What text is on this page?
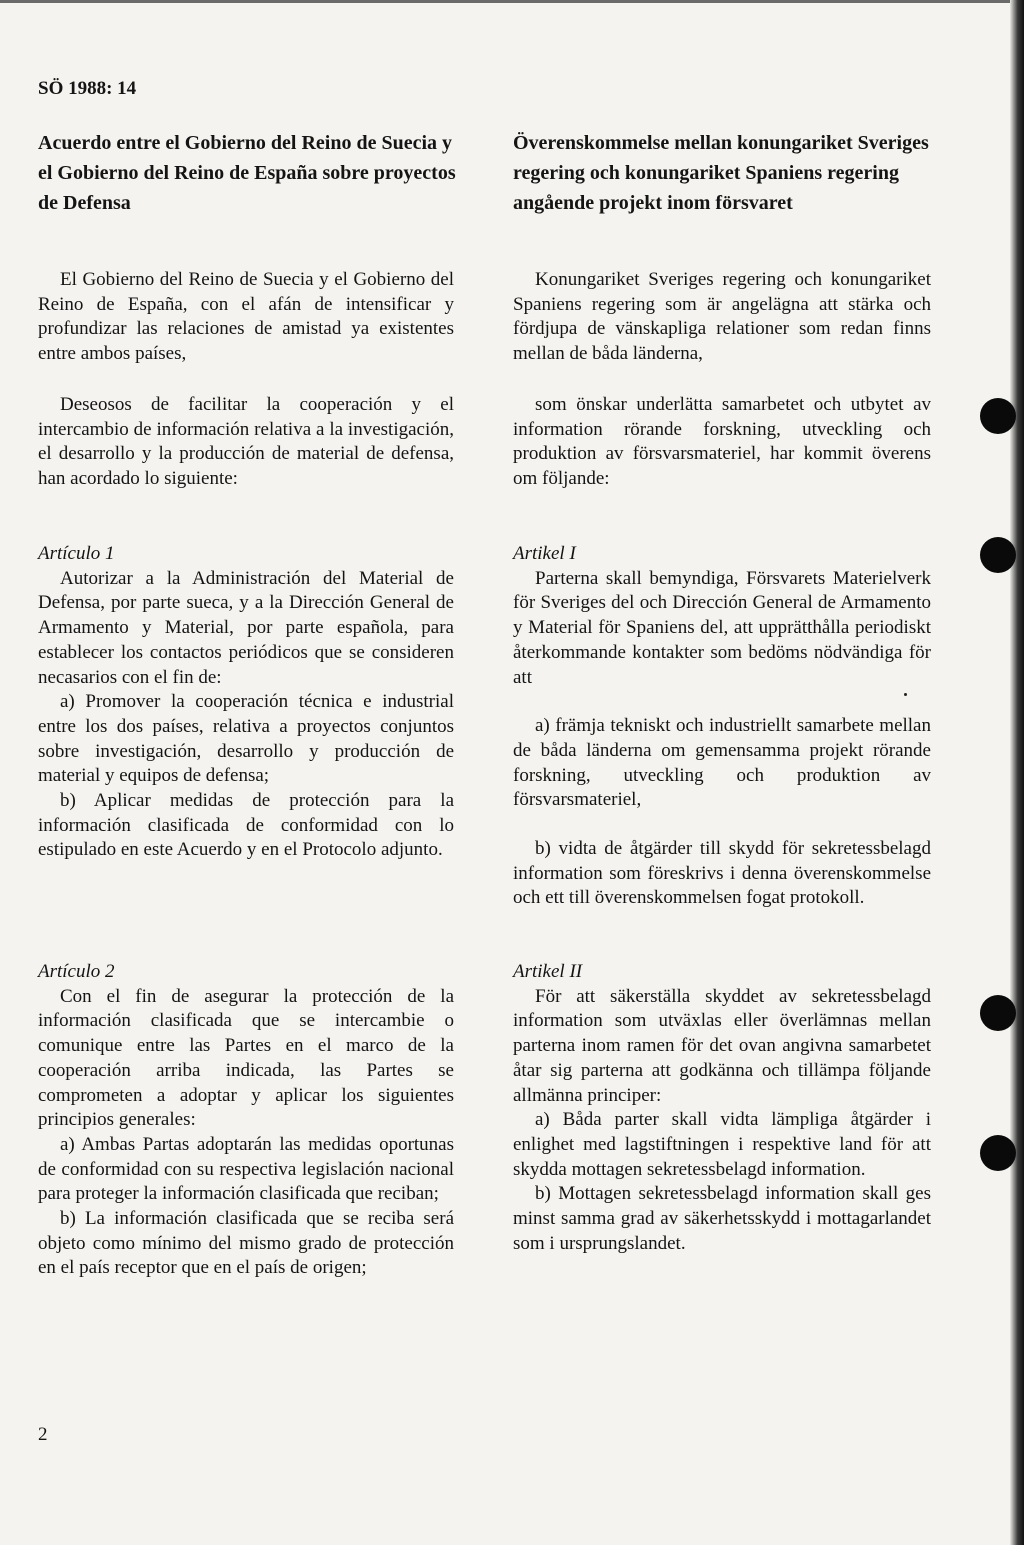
SÖ 1988: 14
Acuerdo entre el Gobierno del Reino de Suecia y el Gobierno del Reino de España sobre proyectos de Defensa
Överenskommelse mellan konungariket Sveriges regering och konungariket Spaniens regering angående projekt inom försvaret

El Gobierno del Reino de Suecia y el Gobierno del Reino de España, con el afán de intensificar y profundizar las relaciones de amistad ya existentes entre ambos países,

Deseosos de facilitar la cooperación y el intercambio de información relativa a la investigación, el desarrollo y la producción de material de defensa, han acordado lo siguiente:

Artículo 1

Autorizar a la Administración del Material de Defensa, por parte sueca, y a la Dirección General de Armamento y Material, por parte española, para establecer los contactos periódicos que se consideren necasarios con el fin de:

a) Promover la cooperación técnica e industrial entre los dos países, relativa a proyectos conjuntos sobre investigación, desarrollo y producción de material y equipos de defensa;

b) Aplicar medidas de protección para la información clasificada de conformidad con lo estipulado en este Acuerdo y en el Protocolo adjunto.

Artículo 2

Con el fin de asegurar la protección de la información clasificada que se intercambie o comunique entre las Partes en el marco de la cooperación arriba indicada, las Partes se comprometen a adoptar y aplicar los siguientes principios generales:

a) Ambas Partas adoptarán las medidas oportunas de conformidad con su respectiva legislación nacional para proteger la información clasificada que reciban;

b) La información clasificada que se reciba será objeto como mínimo del mismo grado de protección en el país receptor que en el país de origen;

Konungariket Sveriges regering och konungariket Spaniens regering som är angelägna att stärka och fördjupa de vänskapliga relationer som redan finns mellan de båda länderna,

som önskar underlätta samarbetet och utbytet av information rörande forskning, utveckling och produktion av försvarsmateriel, har kommit överens om följande:

Artikel I

Parterna skall bemyndiga, Försvarets Materielverk för Sveriges del och Dirección General de Armamento y Material för Spaniens del, att upprätthålla periodiskt återkommande kontakter som bedöms nödvändiga för att

a) främja tekniskt och industriellt samarbete mellan de båda länderna om gemensamma projekt rörande forskning, utveckling och produktion av försvarsmateriel,

b) vidta de åtgärder till skydd för sekretessbelagd information som föreskrivs i denna överenskommelse och ett till överenskommelsen fogat protokoll.

Artikel II

För att säkerställa skyddet av sekretessbelagd information som utväxlas eller överlämnas mellan parterna inom ramen för det ovan angivna samarbetet åtar sig parterna att godkänna och tillämpa följande allmänna principer:

a) Båda parter skall vidta lämpliga åtgärder i enlighet med lagstiftningen i respektive land för att skydda mottagen sekretessbelagd information.

b) Mottagen sekretessbelagd information skall ges minst samma grad av säkerhetsskydd i mottagarlandet som i ursprungslandet.

2
